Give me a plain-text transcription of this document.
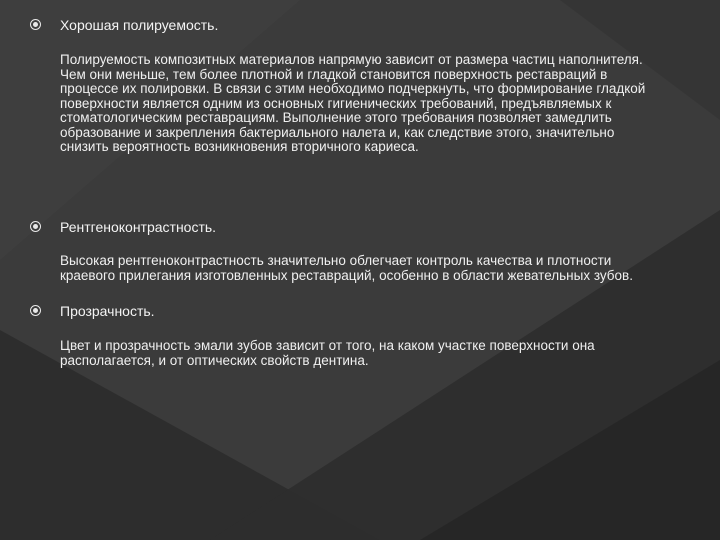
Хорошая полируемость.

Полируемость композитных материалов напрямую зависит от размера частиц наполнителя. Чем они меньше, тем более плотной и гладкой становится поверхность реставраций в процессе их полировки. В связи с этим необходимо подчеркнуть, что формирование гладкой поверхности является одним из основных гигиенических требований, предъявляемых к стоматологическим реставрациям. Выполнение этого требования позволяет замедлить образование и закрепления бактериального налета и, как следствие этого, значительно снизить вероятность возникновения вторичного кариеса.

Рентгеноконтрастность.

Высокая рентгеноконтрастность значительно облегчает контроль качества и плотности краевого прилегания изготовленных реставраций, особенно в области жевательных зубов.

Прозрачность.

Цвет и прозрачность эмали зубов зависит от того, на каком участке поверхности она располагается, и от оптических свойств дентина.
